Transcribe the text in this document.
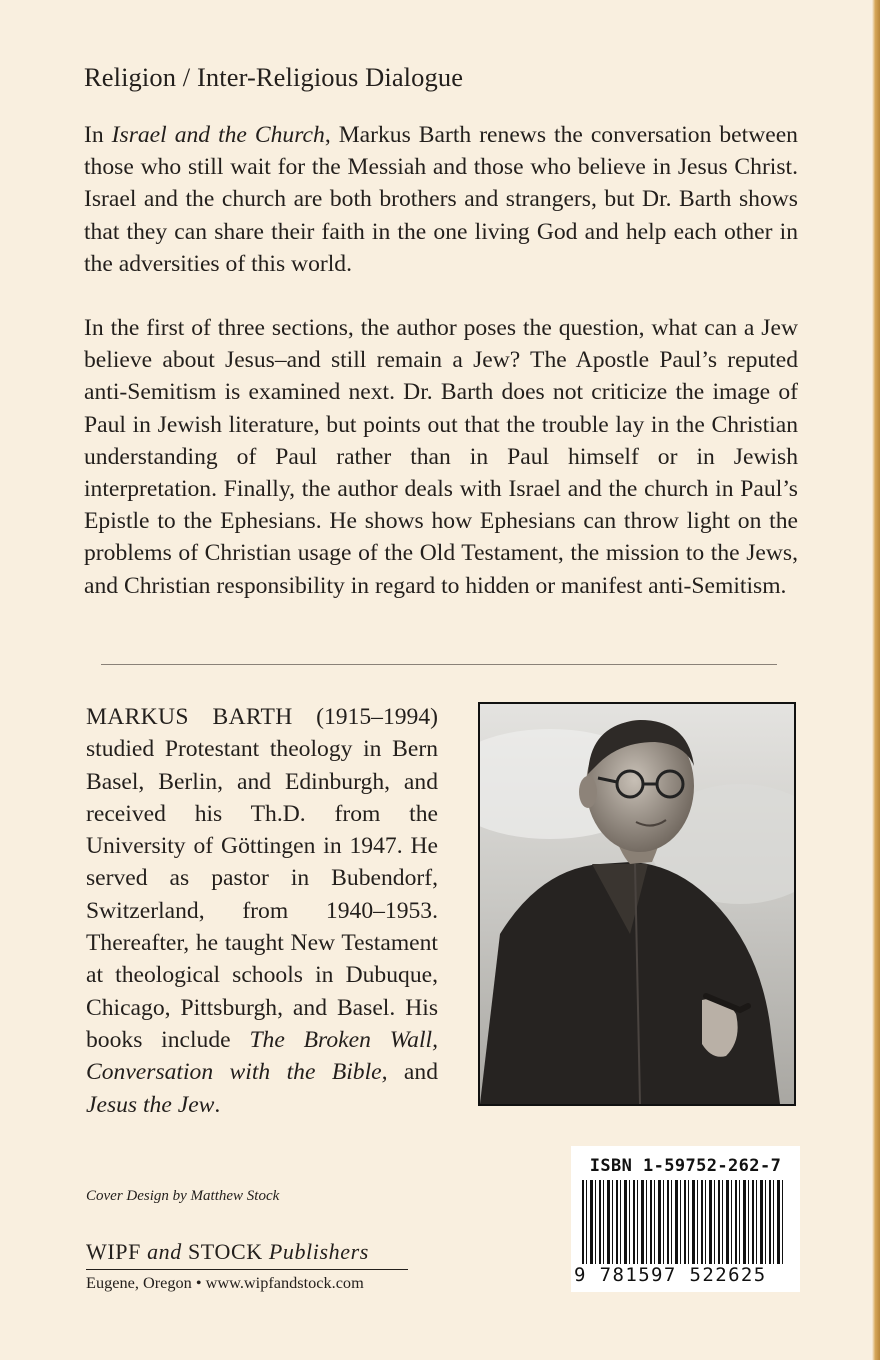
Religion / Inter-Religious Dialogue

In Israel and the Church, Markus Barth renews the conversation between those who still wait for the Messiah and those who believe in Jesus Christ. Israel and the church are both brothers and strangers, but Dr. Barth shows that they can share their faith in the one living God and help each other in the adversities of this world.

In the first of three sections, the author poses the question, what can a Jew believe about Jesus–and still remain a Jew? The Apostle Paul’s reputed anti-Semitism is examined next. Dr. Barth does not criticize the image of Paul in Jewish literature, but points out that the trouble lay in the Christian understanding of Paul rather than in Paul himself or in Jewish interpretation. Finally, the author deals with Israel and the church in Paul’s Epistle to the Ephesians. He shows how Ephesians can throw light on the problems of Christian usage of the Old Testament, the mission to the Jews, and Christian responsibility in regard to hidden or manifest anti-Semitism.

MARKUS BARTH (1915–1994) studied Protestant theology in Bern Basel, Berlin, and Edinburgh, and received his Th.D. from the University of Göttingen in 1947. He served as pastor in Bubendorf, Switzerland, from 1940–1953. Thereafter, he taught New Testament at theological schools in Dubuque, Chicago, Pittsburgh, and Basel. His books include The Broken Wall, Conversation with the Bible, and Jesus the Jew.

Cover Design by Matthew Stock
WIPF and STOCK Publishers
Eugene, Oregon • www.wipfandstock.com
ISBN 1-59752-262-7
9 781597 522625
